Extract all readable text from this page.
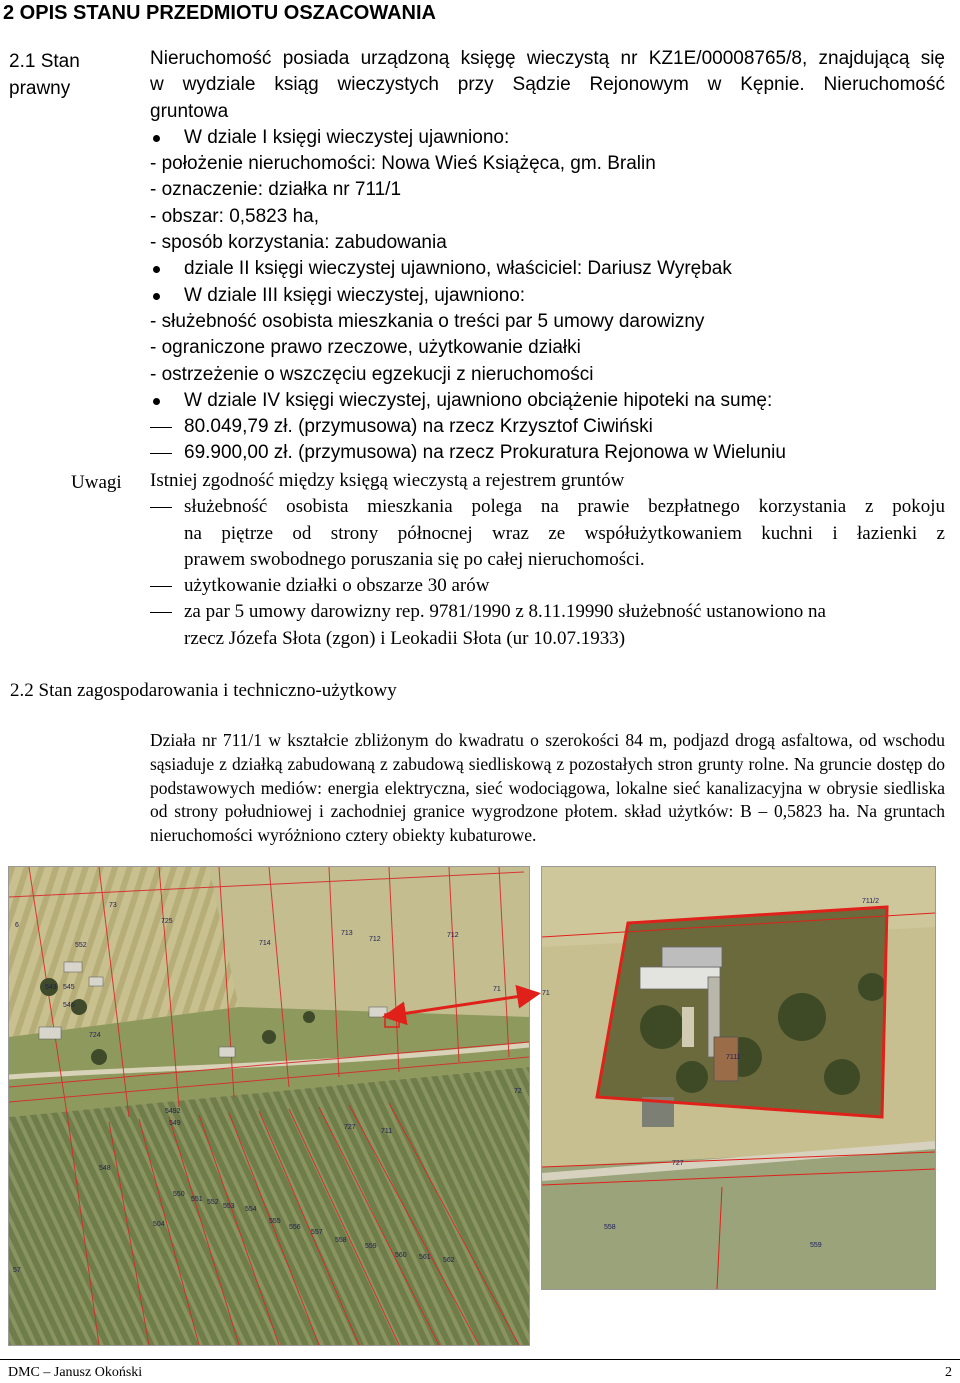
2 OPIS STANU PRZEDMIOTU OSZACOWANIA
2.1 Stan
prawny
Nieruchomość posiada urządzoną księgę wieczystą nr KZ1E/00008765/8, znajdującą się
w wydziale ksiąg wieczystych przy Sądzie Rejonowym w Kępnie. Nieruchomość
gruntowa
W dziale I księgi wieczystej ujawniono:
- położenie nieruchomości: Nowa Wieś Książęca, gm. Bralin
- oznaczenie: działka nr 711/1
- obszar: 0,5823 ha,
- sposób korzystania: zabudowania
dziale II księgi wieczystej ujawniono, właściciel: Dariusz Wyrębak
W dziale III księgi wieczystej, ujawniono:
- służebność osobista mieszkania o treści par 5 umowy darowizny
- ograniczone prawo rzeczowe, użytkowanie działki
- ostrzeżenie o wszczęciu egzekucji z nieruchomości
W dziale IV księgi wieczystej, ujawniono obciążenie hipoteki na sumę:
80.049,79 zł. (przymusowa) na rzecz Krzysztof Ciwiński
69.900,00 zł. (przymusowa) na rzecz Prokuratura Rejonowa w Wieluniu
Uwagi Istniej zgodność między księgą wieczystą a rejestrem gruntów
służebność osobista mieszkania polega na prawie bezpłatnego korzystania z pokoju
na piętrze od strony północnej wraz ze współużytkowaniem kuchni i łazienki z
prawem swobodnego poruszania się po całej nieruchomości.
użytkowanie działki o obszarze 30 arów
za par 5 umowy darowizny rep. 9781/1990 z 8.11.19990 służebność ustanowiono na
rzecz Józefa Słota (zgon) i Leokadii Słota (ur 10.07.1933)
2.2 Stan zagospodarowania i techniczno-użytkowy
Działa nr 711/1 w kształcie zbliżonym do kwadratu o szerokości 84 m, podjazd drogą asfaltowa, od wschodu sąsiaduje z działką zabudowaną z zabudową siedliskową z pozostałych stron grunty rolne. Na gruncie dostęp do podstawowych mediów: energia elektryczna, sieć wodociągowa, lokalne sieć kanalizacyjna w obrysie siedliska od strony południowej i zachodniej granice wygrodzone płotem. skład użytków: B – 0,5823 ha. Na gruntach nieruchomości wyróżniono cztery obiekty kubaturowe.
6
73
725
714
713
712
712
552
543 545	71
546
724
72
711
5492
549
727
548
550
551 552
553 554
555
556
557
558
559
560 561 562
57
504
711/2
7111
71
727
558
559
DMC – Janusz Okoński	2
